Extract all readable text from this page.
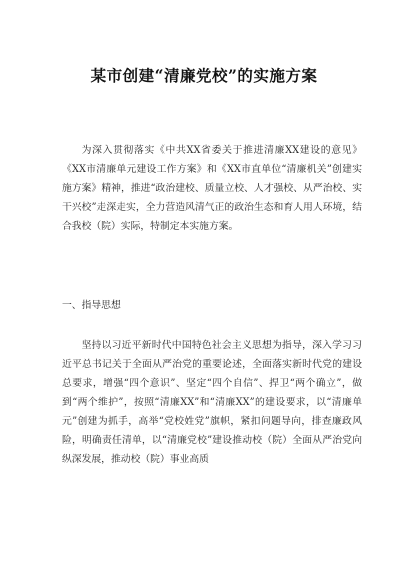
某市创建“清廉党校”的实施方案

为深入贯彻落实《中共XX省委关于推进清廉XX建设的意见》《XX市清廉单元建设工作方案》和《XX市直单位“清廉机关”创建实施方案》精神，推进“政治建校、质量立校、人才强校、从严治校、实干兴校”走深走实，全力营造风清气正的政治生态和育人用人环境，结合我校（院）实际，特制定本实施方案。

一、指导思想

坚持以习近平新时代中国特色社会主义思想为指导，深入学习习近平总书记关于全面从严治党的重要论述，全面落实新时代党的建设总要求，增强“四个意识”、坚定“四个自信”、捍卫“两个确立”，做到“两个维护”，按照“清廉XX”和“清廉XX”的建设要求，以“清廉单元”创建为抓手，高举“党校姓党”旗帜，紧扣问题导向，排查廉政风险，明确责任清单，以“清廉党校”建设推动校（院）全面从严治党向纵深发展，推动校（院）事业高质
